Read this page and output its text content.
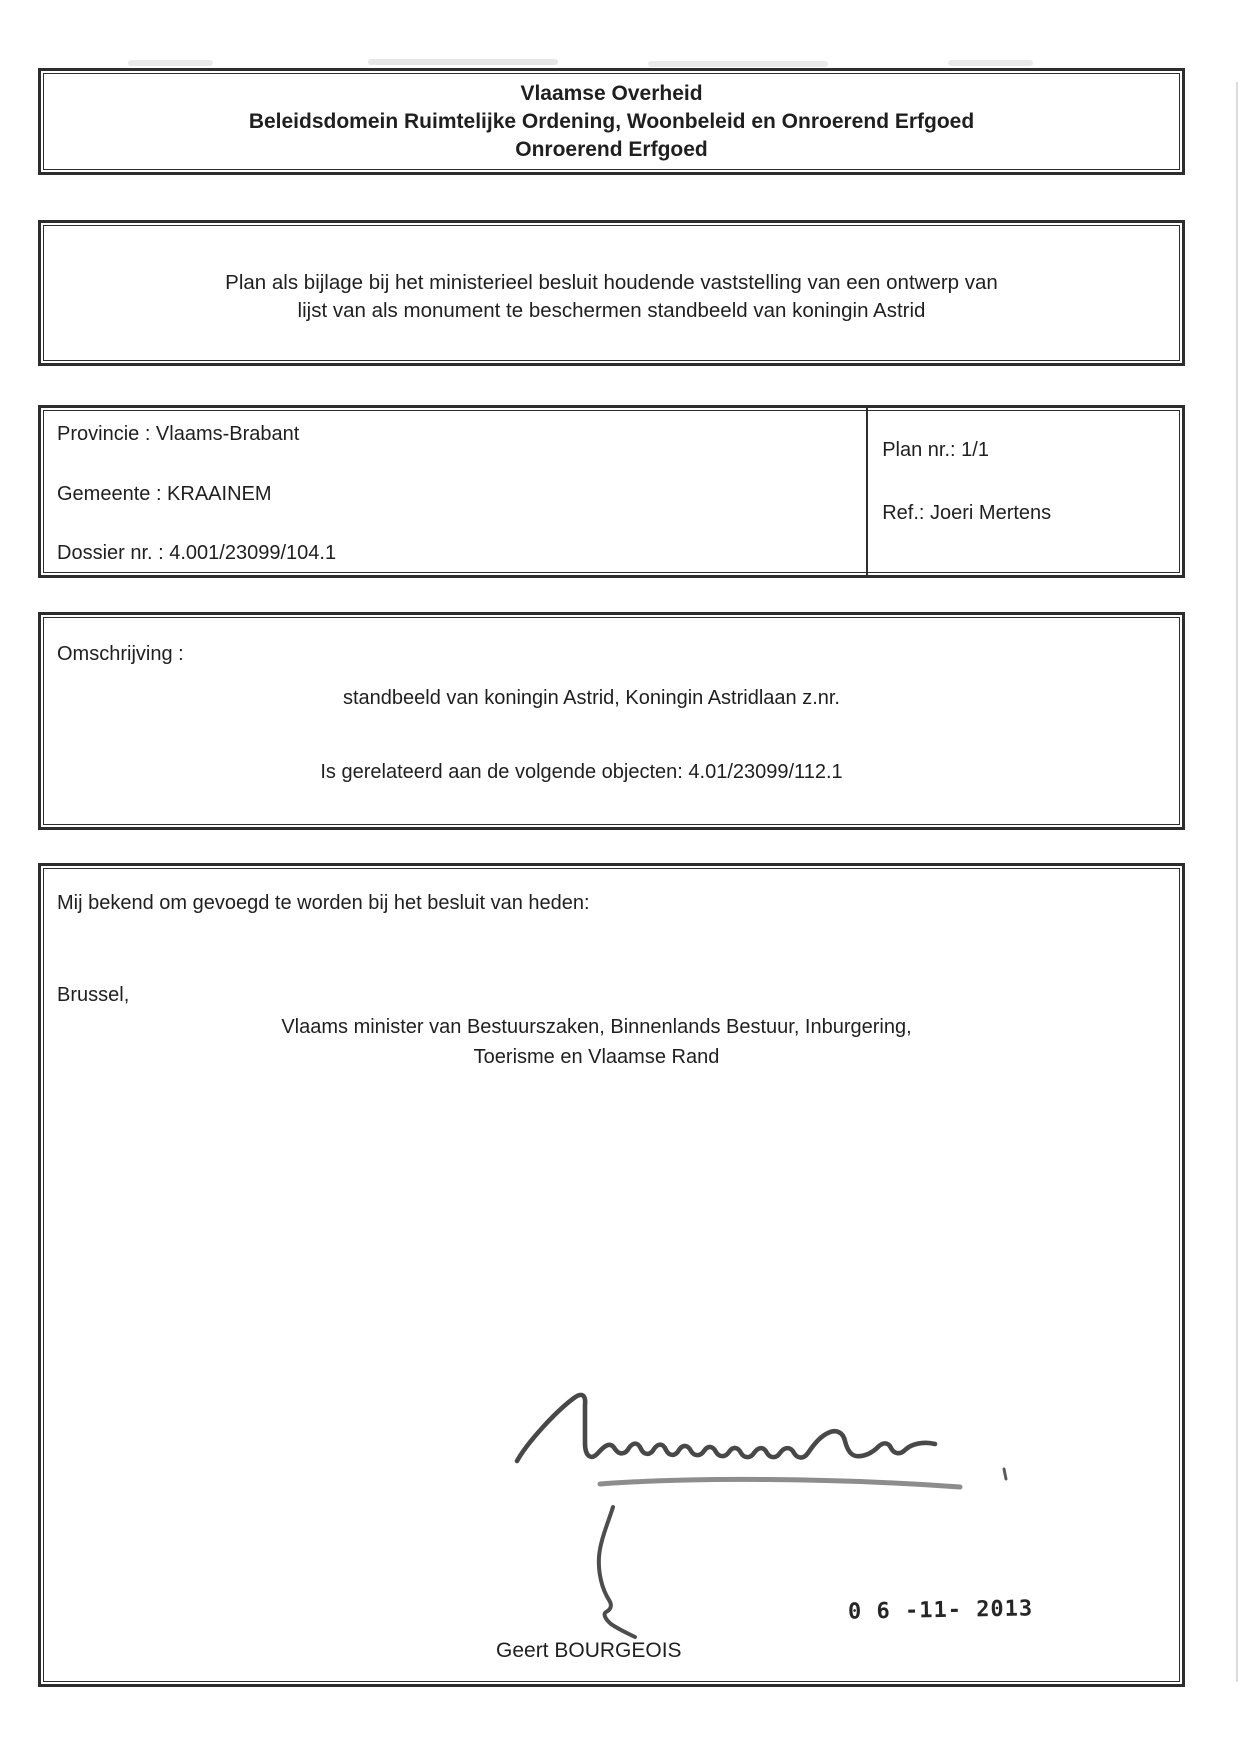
Vlaamse Overheid

Beleidsdomein Ruimtelijke Ordening, Woonbeleid en Onroerend Erfgoed

Onroerend Erfgoed

Plan als bijlage bij het ministerieel besluit houdende vaststelling van een ontwerp van

lijst van als monument te beschermen standbeeld van koningin Astrid

Provincie : Vlaams-Brabant

Gemeente : KRAAINEM

Dossier nr. : 4.001/23099/104.1

Plan nr.: 1/1

Ref.: Joeri Mertens

Omschrijving :

standbeeld van koningin Astrid, Koningin Astridlaan z.nr.

Is gerelateerd aan de volgende objecten: 4.01/23099/112.1

Mij bekend om gevoegd te worden bij het besluit van heden:

Brussel,

Vlaams minister van Bestuurszaken, Binnenlands Bestuur, Inburgering,

Toerisme en Vlaamse Rand

Geert BOURGEOIS

0 6 -11- 2013
